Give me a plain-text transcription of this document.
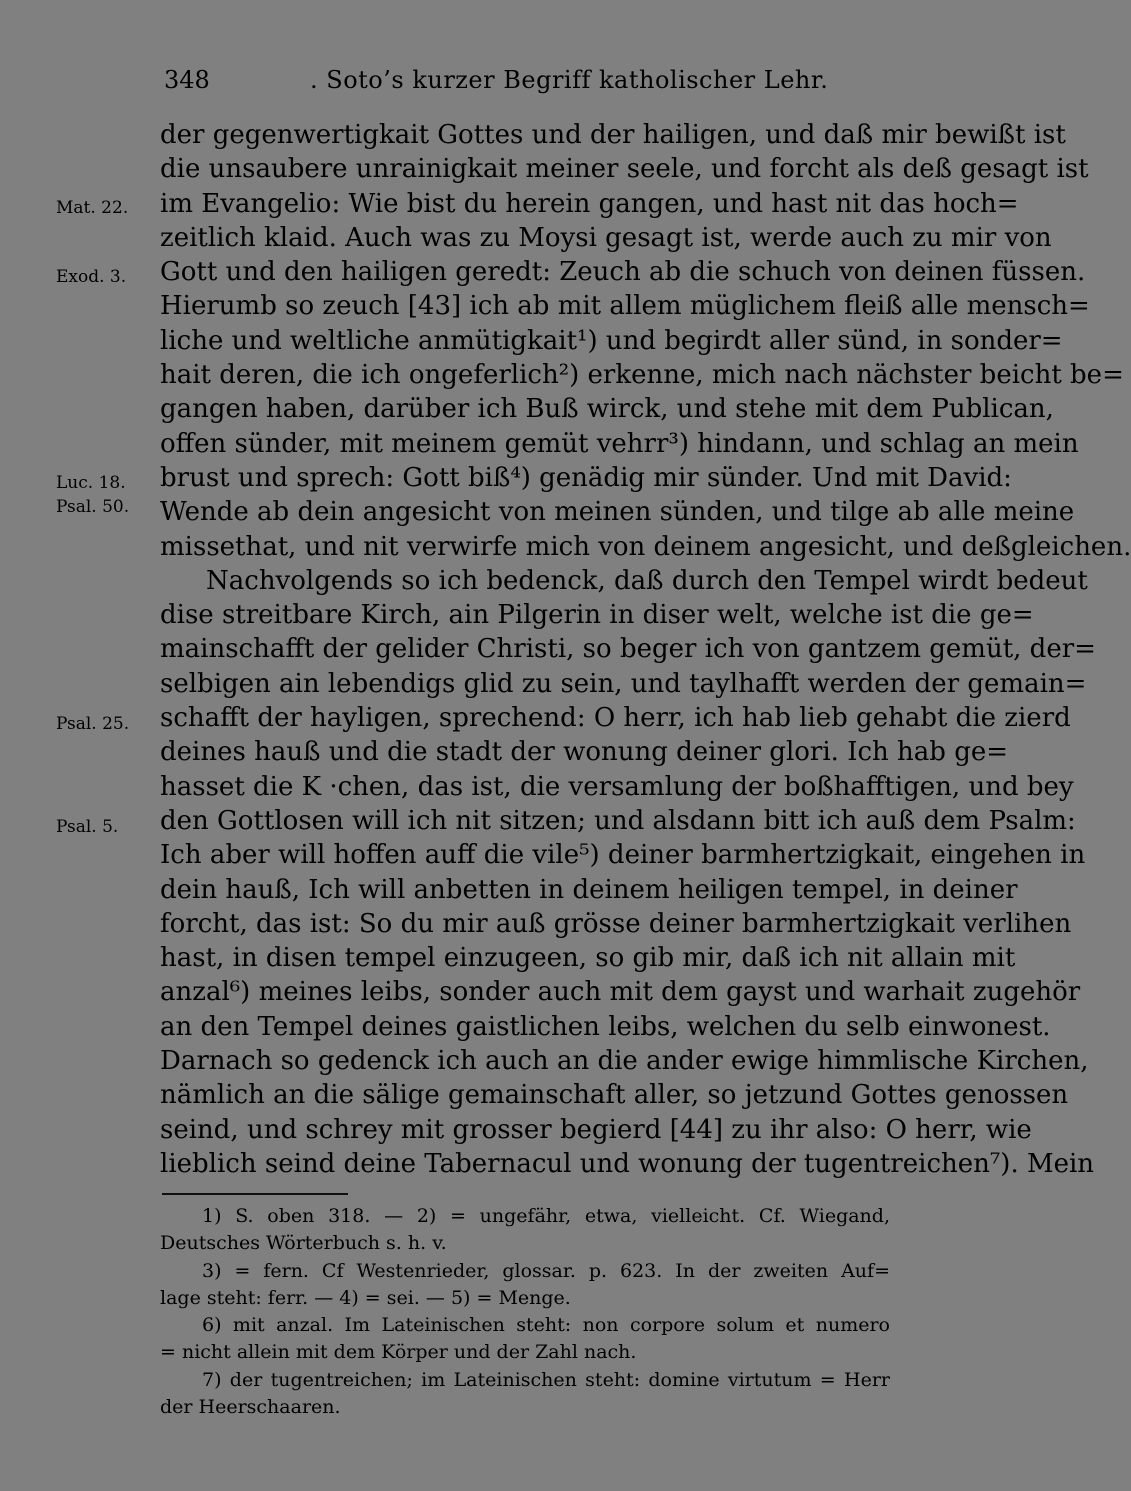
348	. Soto’s kurzer Begriff katholischer Lehr.
Mat. 22.
Exod. 3.
Luc. 18.
Psal. 50.
Psal. 25.
Psal. 5.
der gegenwertigkait Gottes und der hailigen, und daß mir bewißt ist
die unsaubere unrainigkait meiner seele, und forcht als deß gesagt ist
im Evangelio: Wie bist du herein gangen, und hast nit das hoch=
zeitlich klaid. Auch was zu Moysi gesagt ist, werde auch zu mir von
Gott und den hailigen geredt: Zeuch ab die schuch von deinen füssen.
Hierumb so zeuch [43] ich ab mit allem müglichem fleiß alle mensch=
liche und weltliche anmütigkait¹) und begirdt aller sünd, in sonder=
hait deren, die ich ongeferlich²) erkenne, mich nach nächster beicht be=
gangen haben, darüber ich Buß wirck, und stehe mit dem Publican,
offen sünder, mit meinem gemüt vehrr³) hindann, und schlag an mein
brust und sprech: Gott biß⁴) genädig mir sünder. Und mit David:
Wende ab dein angesicht von meinen sünden, und tilge ab alle meine
missethat, und nit verwirfe mich von deinem angesicht, und deßgleichen.
Nachvolgends so ich bedenck, daß durch den Tempel wirdt bedeut
dise streitbare Kirch, ain Pilgerin in diser welt, welche ist die ge=
mainschafft der gelider Christi, so beger ich von gantzem gemüt, der=
selbigen ain lebendigs glid zu sein, und taylhafft werden der gemain=
schafft der hayligen, sprechend: O herr, ich hab lieb gehabt die zierd
deines hauß und die stadt der wonung deiner glori. Ich hab ge=
hasset die K ·chen, das ist, die versamlung der boßhafftigen, und bey
den Gottlosen will ich nit sitzen; und alsdann bitt ich auß dem Psalm:
Ich aber will hoffen auff die vile⁵) deiner barmhertzigkait, eingehen in
dein hauß, Ich will anbetten in deinem heiligen tempel, in deiner
forcht, das ist: So du mir auß grösse deiner barmhertzigkait verlihen
hast, in disen tempel einzugeen, so gib mir, daß ich nit allain mit
anzal⁶) meines leibs, sonder auch mit dem gayst und warhait zugehör
an den Tempel deines gaistlichen leibs, welchen du selb einwonest.
Darnach so gedenck ich auch an die ander ewige himmlische Kirchen,
nämlich an die sälige gemainschaft aller, so jetzund Gottes genossen
seind, und schrey mit grosser begierd [44] zu ihr also: O herr, wie
lieblich seind deine Tabernacul und wonung der tugentreichen⁷). Mein
1) S. oben 318. — 2) = ungefähr, etwa, vielleicht. Cf. Wiegand,
Deutsches Wörterbuch s. h. v.
3) = fern. Cf Westenrieder, glossar. p. 623. In der zweiten Auf=
lage steht: ferr. — 4) = sei. — 5) = Menge.
6) mit anzal. Im Lateinischen steht: non corpore solum et numero
= nicht allein mit dem Körper und der Zahl nach.
7) der tugentreichen; im Lateinischen steht: domine virtutum = Herr
der Heerschaaren.
